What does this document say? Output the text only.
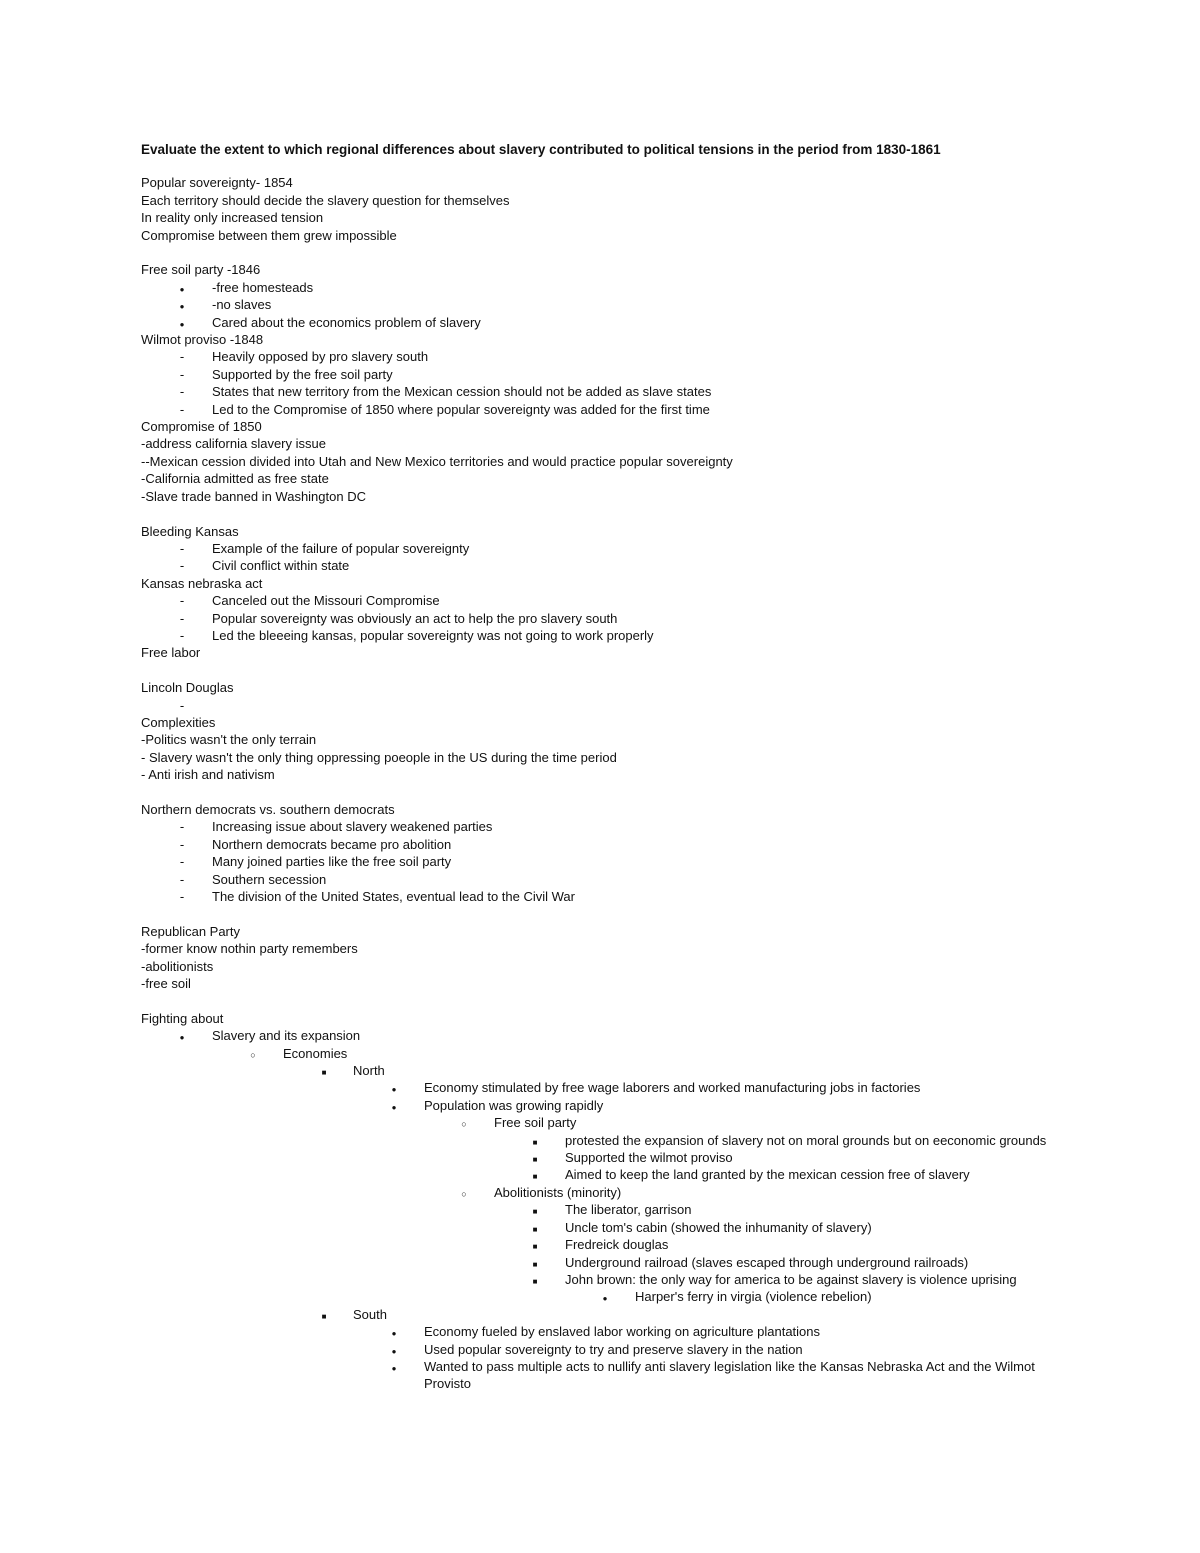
Evaluate the extent to which regional differences about slavery contributed to political tensions in the period from 1830-1861
Popular sovereignty- 1854
Each territory should decide the slavery question for themselves
In reality only increased tension
Compromise between them grew impossible
Free soil party -1846
●
-free homesteads
●
-no slaves
●
Cared about the economics problem of slavery
Wilmot proviso -1848
-
Heavily opposed by pro slavery south
-
Supported by the free soil party
-
States that new territory from the Mexican cession should not be added as slave states
-
Led to the Compromise of 1850 where popular sovereignty was added for the first time
Compromise of 1850
-address california slavery issue
--Mexican cession divided into Utah and New Mexico territories and would practice popular sovereignty
-California admitted as free state
-Slave trade banned in Washington DC
Bleeding Kansas
-
Example of the failure of popular sovereignty
-
Civil conflict within state
Kansas nebraska act
-
Canceled out the Missouri Compromise
-
Popular sovereignty was obviously an act to help the pro slavery south
-
Led the bleeeing kansas, popular sovereignty was not going to work properly
Free labor
Lincoln Douglas
-

Complexities
-Politics wasn't the only terrain
- Slavery wasn't the only thing oppressing poeople in the US during the time period
- Anti irish and nativism
Northern democrats vs. southern democrats
-
Increasing issue about slavery weakened parties
-
Northern democrats became pro abolition
-
Many joined parties like the free soil party
-
Southern secession
-
The division of the United States, eventual lead to the Civil War
Republican Party
-former know nothin party remembers
-abolitionists
-free soil
Fighting about
●
Slavery and its expansion
○
Economies
■
North
●
Economy stimulated by free wage laborers and worked manufacturing jobs in factories
●
Population was growing rapidly
○
Free soil party
■
protested the expansion of slavery not on moral grounds but on eeconomic grounds
■
Supported the wilmot proviso
■
Aimed to keep the land granted by the mexican cession free of slavery
○
Abolitionists (minority)
■
The liberator, garrison
■
Uncle tom's cabin (showed the inhumanity of slavery)
■
Fredreick douglas
■
Underground railroad (slaves escaped through underground railroads)
■
John brown: the only way for america to be against slavery is violence uprising
●
Harper's ferry in virgia (violence rebelion)
■
South
●
Economy fueled by enslaved labor working on agriculture plantations
●
Used popular sovereignty to try and preserve slavery in the nation
●
Wanted to pass multiple acts to nullify anti slavery legislation like the Kansas Nebraska Act and the Wilmot Provisto
